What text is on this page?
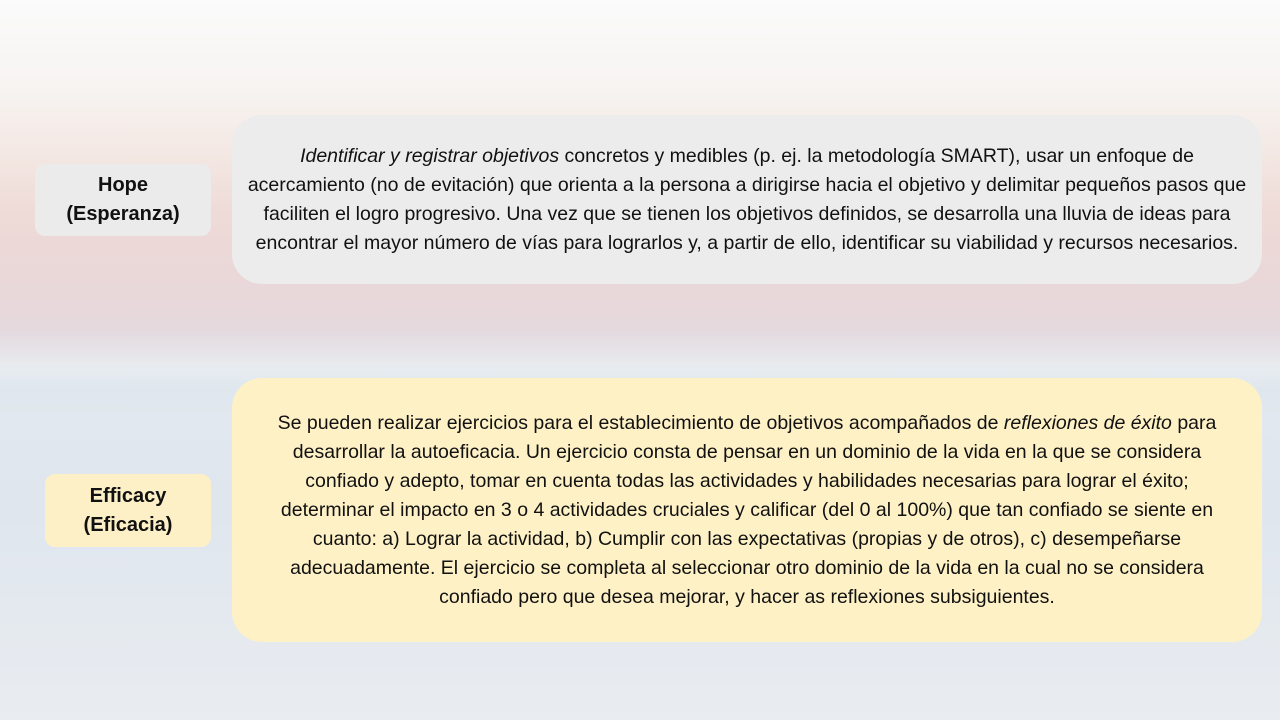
Hope
(Esperanza)

Identificar y registrar objetivos concretos y medibles (p. ej. la metodología SMART), usar un enfoque de acercamiento (no de evitación) que orienta a la persona a dirigirse hacia el objetivo y delimitar pequeños pasos que faciliten el logro progresivo. Una vez que se tienen los objetivos definidos, se desarrolla una lluvia de ideas para encontrar el mayor número de vías para lograrlos y, a partir de ello, identificar su viabilidad y recursos necesarios.

Efficacy
(Eficacia)

Se pueden realizar ejercicios para el establecimiento de objetivos acompañados de reflexiones de éxito para desarrollar la autoeficacia. Un ejercicio consta de pensar en un dominio de la vida en la que se considera confiado y adepto, tomar en cuenta todas las actividades y habilidades necesarias para lograr el éxito; determinar el impacto en 3 o 4 actividades cruciales y calificar (del 0 al 100%) que tan confiado se siente en cuanto: a) Lograr la actividad, b) Cumplir con las expectativas (propias y de otros), c) desempeñarse adecuadamente. El ejercicio se completa al seleccionar otro dominio de la vida en la cual no se considera confiado pero que desea mejorar, y hacer as reflexiones subsiguientes.
